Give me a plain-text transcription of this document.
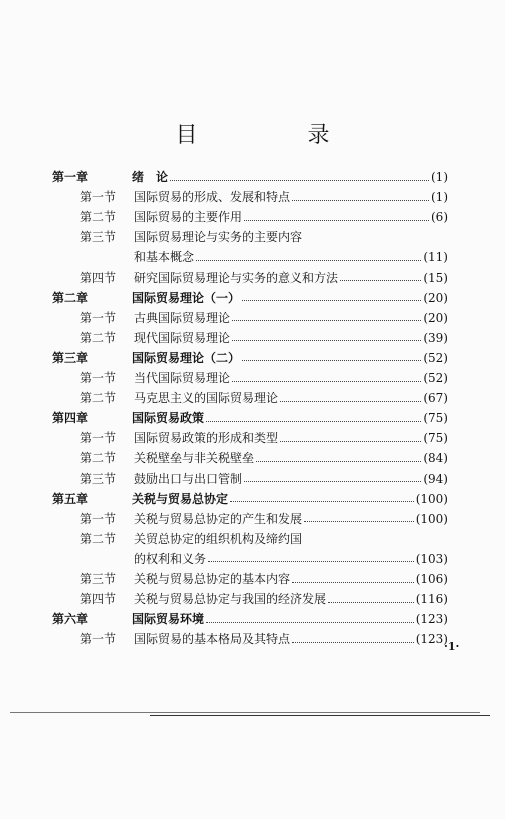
目　录
第一章	绪　论	(1)
第一节	国际贸易的形成、发展和特点	(1)
第二节	国际贸易的主要作用	(6)
第三节	国际贸易理论与实务的主要内容
和基本概念	(11)
第四节	研究国际贸易理论与实务的意义和方法	(15)
第二章	国际贸易理论（一）	(20)
第一节	古典国际贸易理论	(20)
第二节	现代国际贸易理论	(39)
第三章	国际贸易理论（二）	(52)
第一节	当代国际贸易理论	(52)
第二节	马克思主义的国际贸易理论	(67)
第四章	国际贸易政策	(75)
第一节	国际贸易政策的形成和类型	(75)
第二节	关税壁垒与非关税壁垒	(84)
第三节	鼓励出口与出口管制	(94)
第五章	关税与贸易总协定	(100)
第一节	关税与贸易总协定的产生和发展	(100)
第二节	关贸总协定的组织机构及缔约国
的权利和义务	(103)
第三节	关税与贸易总协定的基本内容	(106)
第四节	关税与贸易总协定与我国的经济发展	(116)
第六章	国际贸易环境	(123)
第一节	国际贸易的基本格局及其特点	(123)
·1·
